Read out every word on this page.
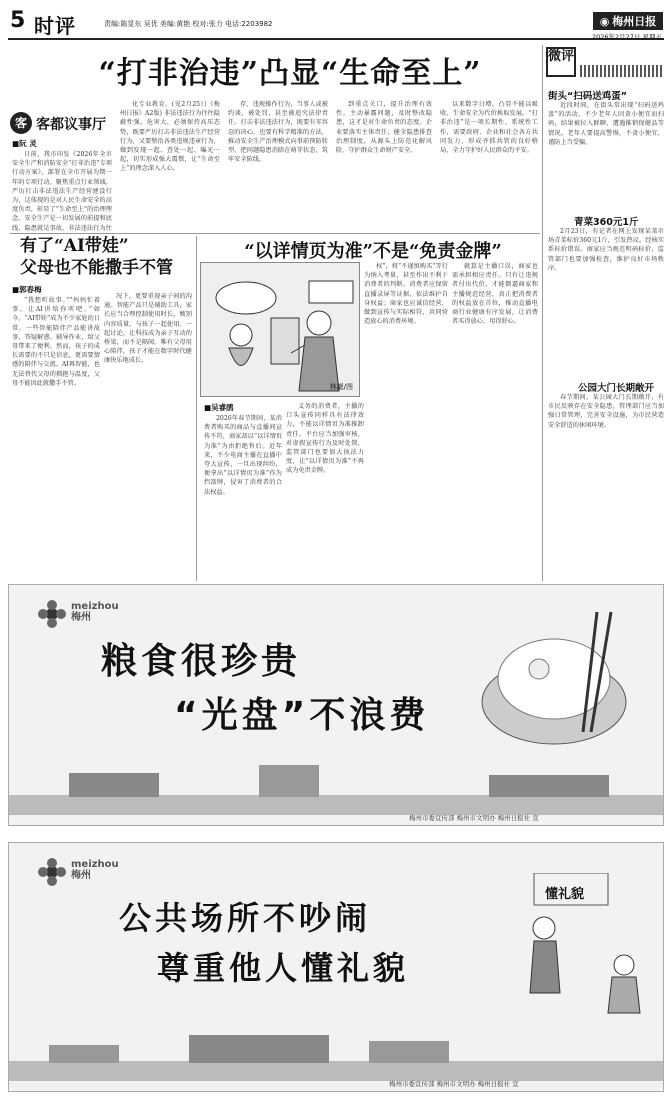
5 时评	责编:陈显东 吴优 美编:黄艳 校对:张力 电话:2203982	◉ 梅州日报
2026年2月27日 星期五
“打非治违”凸显“生命至上”
客 客都议事厅
■阮 灵
日前，我市印发《2026年全市安全生产和消防安全“打非治违”专项行动方案》，部署在全市开展为期一年的专项行动。聚焦重点行业领域，严厉打击非法违法生产经营建设行为，这体现的是对人民生命安全的高度负责，彰显了“生命至上”的治理理念。安全生产是一切发展的前提和底线，隐患就是事故，非法违法行为往
化专业教育。(见2月25日《梅州日报》A2版) 非法违法行为往往隐蔽性强，危害大，必须保持高压态势，既要严厉打击非法违法生产经营行为，又要整治各类违规违章行为，做到发现一起、查处一起、曝光一起，切实形成强大震慑，让“生命至上”的理念深入人心。
存、违规操作行为，当事人或被约谈、被处罚，甚至被追究法律责任。打击非法违法行为，既要有零容忍的决心，也要有科学精准的方法，推动安全生产治理模式向事前预防转型，把问题隐患消除在萌芽状态，筑牢安全防线。
到重点关口，提升治理有效性。主动暴露问题，及时整改隐患，这才是对生命负责的态度。企业要落实主体责任，健全隐患排查治理制度，从源头上防范化解风险，守护群众生命财产安全。
以来数字日增，凸显不能以吸收、生命安全为代价换取发展。“打非治违”是一项长期性、系统性工作，需要政府、企业和社会各方共同发力，形成齐抓共管的良好格局，全力守护好人民群众的平安。
有了“AI带娃”
父母也不能撒手不管
■郭春梅
“我想听故事。”“妈妈忙着事，让AI讲给你听吧。”如今，“AI带娃”成为不少家庭的日常。一些智能陪伴产品能讲故事、答疑解惑、辅导作业，给父母带来了便利。然而，孩子的成长需要的不只是信息，更需要情感的陪伴与交流。AI再智能，也无法替代父母的拥抱与温度，父母不能因此就撒手不管。
况下，更要重视亲子间的沟通。智能产品只是辅助工具，家长应当合理控制使用时长，甄别内容质量，与孩子一起使用、一起讨论，让科技成为亲子互动的桥梁，而不是隔阂。唯有父母用心陪伴，孩子才能在数字时代健康快乐地成长。
“以详情页为准”不是“免责金牌”
林勰/图
权”，将“不谨慎购买”等行为纳入考量，甚至作出不利于消费者的判断。消费者应保留直播录屏等证据，依法维护自身权益；商家也应诚信经营，做到宣传与实际相符，共同营造放心的消费环境。
就算是主播口误，商家也需承担相应责任。只有让违规者付出代价，才能倒逼商家和主播规范经营，真正把消费者的权益放在首位，推动直播电商行业健康有序发展，让消费者买得放心、用得舒心。
■吴睿鹃
2026年春节期间，某消费者购买的商品与直播间宣传不符，商家却以“以详情页为准”为由拒绝售后。近年来，不少电商主播在直播中夸大宣传，一旦出现纠纷，便拿出“以详情页为准”作为挡箭牌，侵害了消费者的合法权益。
义务的消费者，主播的口头宣传同样具有法律效力，不能以详情页为准推卸责任。平台应当加强审核，对虚假宣传行为及时处置，监管部门也要加大执法力度，让“以详情页为准”不再成为免责金牌。
微评
街头“扫码送鸡蛋”
近段时间，在街头常出现“扫码送鸡蛋”的活动，不少老年人因贪小便宜而扫码，结果被拉入群聊，遭遇推销保健品等情况。老年人要提高警惕，不贪小便宜，谨防上当受骗。
青菜360元1斤
2月23日，有记者在网上发现某菜市场青菜标价360元1斤，引发热议。经核实系标价错误。商家应当规范明码标价，监管部门也要加强检查，维护良好市场秩序。
公园大门长期敞开
春节期间，某公园大门长期敞开，有市民反映存在安全隐患。管理部门应当加强日常管理，完善安全设施，为市民营造安全舒适的休闲环境。
meizhou
梅州
粮食很珍贵
“光盘”不浪费
梅州市委宣传部 梅州市文明办 梅州日报社 宣
meizhou
梅州
公共场所不吵闹
尊重他人懂礼貌
懂礼貌
梅州市委宣传部 梅州市文明办 梅州日报社 宣
